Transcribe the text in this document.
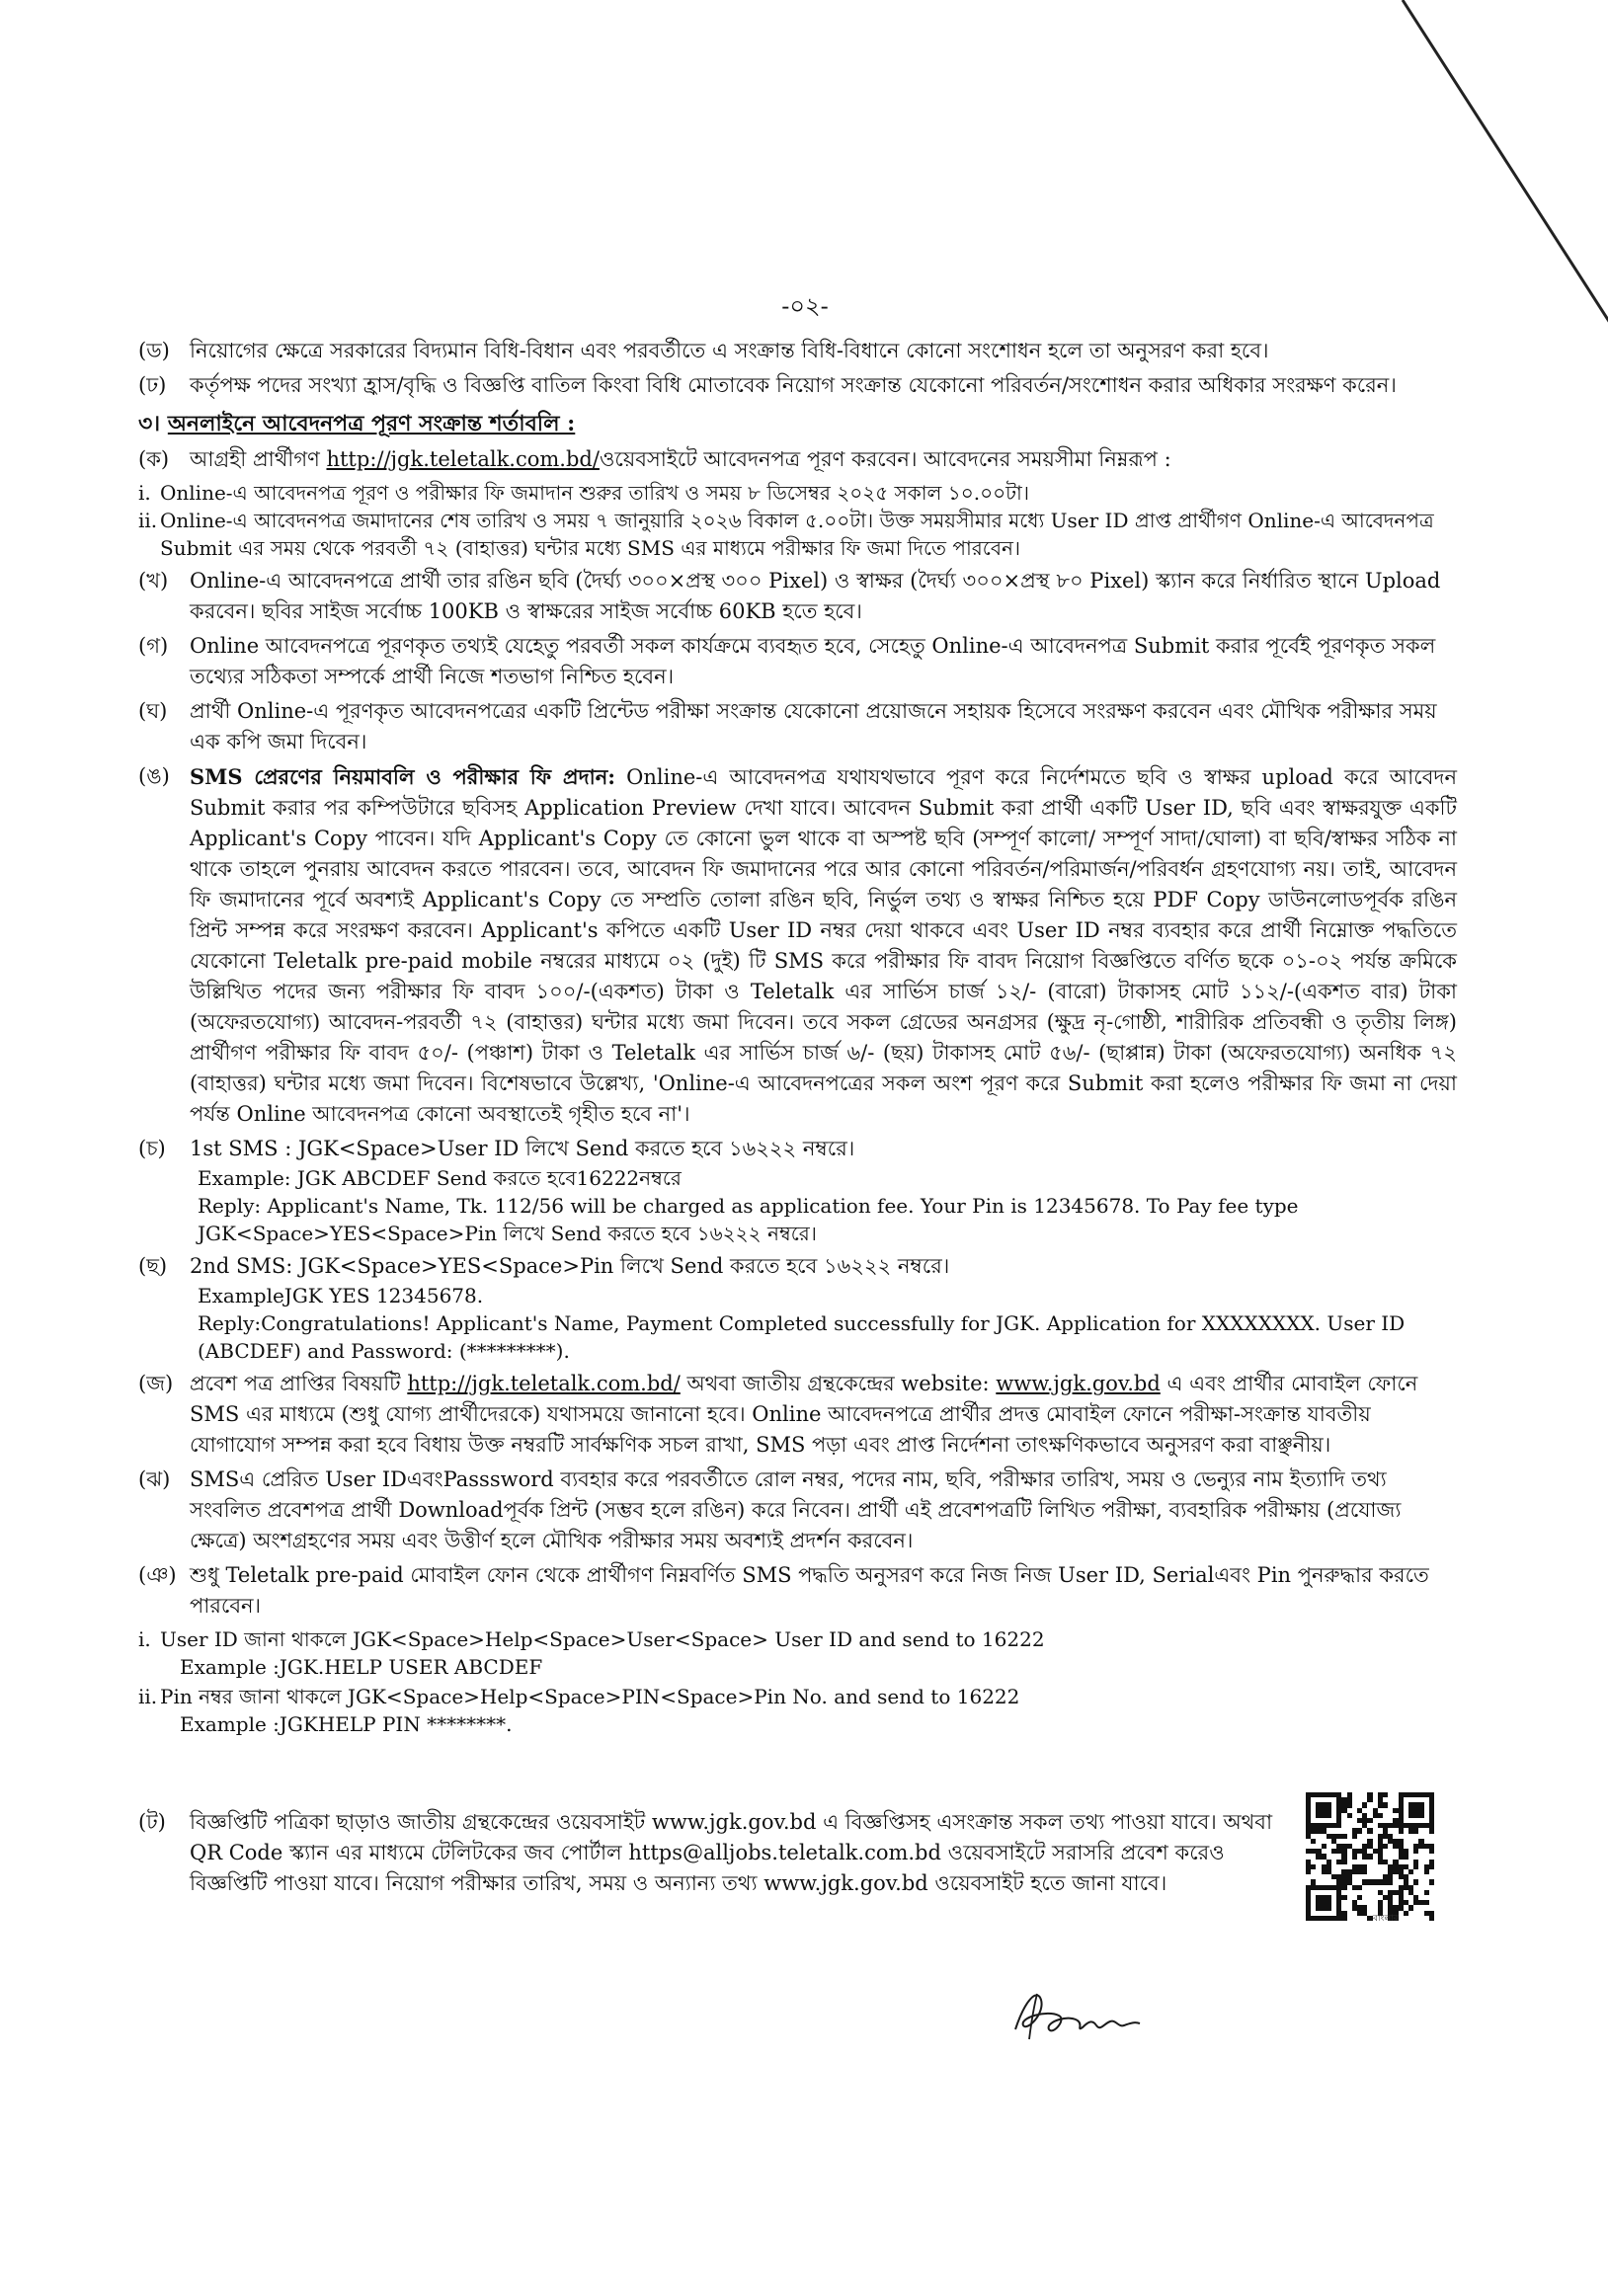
-০২-

(ড) নিয়োগের ক্ষেত্রে সরকারের বিদ্যমান বিধি-বিধান এবং পরবর্তীতে এ সংক্রান্ত বিধি-বিধানে কোনো সংশোধন হলে তা অনুসরণ করা হবে।

(ঢ) কর্তৃপক্ষ পদের সংখ্যা হ্রাস/বৃদ্ধি ও বিজ্ঞপ্তি বাতিল কিংবা বিধি মোতাবেক নিয়োগ সংক্রান্ত যেকোনো পরিবর্তন/সংশোধন করার অধিকার সংরক্ষণ করেন।

৩। অনলাইনে আবেদনপত্র পূরণ সংক্রান্ত শর্তাবলি :

(ক) আগ্রহী প্রার্থীগণ http://jgk.teletalk.com.bd/ওয়েবসাইটে আবেদনপত্র পূরণ করবেন। আবেদনের সময়সীমা নিম্নরূপ :

i. Online-এ আবেদনপত্র পূরণ ও পরীক্ষার ফি জমাদান শুরুর তারিখ ও সময় ৮ ডিসেম্বর ২০২৫ সকাল ১০.০০টা।

ii. Online-এ আবেদনপত্র জমাদানের শেষ তারিখ ও সময় ৭ জানুয়ারি ২০২৬ বিকাল ৫.০০টা। উক্ত সময়সীমার মধ্যে User ID প্রাপ্ত প্রার্থীগণ Online-এ আবেদনপত্র Submit এর সময় থেকে পরবর্তী ৭২ (বাহাত্তর) ঘন্টার মধ্যে SMS এর মাধ্যমে পরীক্ষার ফি জমা দিতে পারবেন।

(খ) Online-এ আবেদনপত্রে প্রার্থী তার রঙিন ছবি (দৈর্ঘ্য ৩০০×প্রস্থ ৩০০ Pixel) ও স্বাক্ষর (দৈর্ঘ্য ৩০০×প্রস্থ ৮০ Pixel) স্ক্যান করে নির্ধারিত স্থানে Upload করবেন। ছবির সাইজ সর্বোচ্চ 100KB ও স্বাক্ষরের সাইজ সর্বোচ্চ 60KB হতে হবে।

(গ) Online আবেদনপত্রে পূরণকৃত তথ্যই যেহেতু পরবর্তী সকল কার্যক্রমে ব্যবহৃত হবে, সেহেতু Online-এ আবেদনপত্র Submit করার পূর্বেই পূরণকৃত সকল তথ্যের সঠিকতা সম্পর্কে প্রার্থী নিজে শতভাগ নিশ্চিত হবেন।

(ঘ) প্রার্থী Online-এ পূরণকৃত আবেদনপত্রের একটি প্রিন্টেড পরীক্ষা সংক্রান্ত যেকোনো প্রয়োজনে সহায়ক হিসেবে সংরক্ষণ করবেন এবং মৌখিক পরীক্ষার সময় এক কপি জমা দিবেন।

(ঙ) SMS প্রেরণের নিয়মাবলি ও পরীক্ষার ফি প্রদান: Online-এ আবেদনপত্র যথাযথভাবে পূরণ করে নির্দেশমতে ছবি ও স্বাক্ষর upload করে আবেদন Submit করার পর কম্পিউটারে ছবিসহ Application Preview দেখা যাবে। আবেদন Submit করা প্রার্থী একটি User ID, ছবি এবং স্বাক্ষরযুক্ত একটি Applicant's Copy পাবেন। যদি Applicant's Copy তে কোনো ভুল থাকে বা অস্পষ্ট ছবি (সম্পূর্ণ কালো/ সম্পূর্ণ সাদা/ঘোলা) বা ছবি/স্বাক্ষর সঠিক না থাকে তাহলে পুনরায় আবেদন করতে পারবেন। তবে, আবেদন ফি জমাদানের পরে আর কোনো পরিবর্তন/পরিমার্জন/পরিবর্ধন গ্রহণযোগ্য নয়। তাই, আবেদন ফি জমাদানের পূর্বে অবশ্যই Applicant's Copy তে সম্প্রতি তোলা রঙিন ছবি, নির্ভুল তথ্য ও স্বাক্ষর নিশ্চিত হয়ে PDF Copy ডাউনলোডপূর্বক রঙিন প্রিন্ট সম্পন্ন করে সংরক্ষণ করবেন। Applicant's কপিতে একটি User ID নম্বর দেয়া থাকবে এবং User ID নম্বর ব্যবহার করে প্রার্থী নিম্নোক্ত পদ্ধতিতে যেকোনো Teletalk pre-paid mobile নম্বরের মাধ্যমে ০২ (দুই) টি SMS করে পরীক্ষার ফি বাবদ নিয়োগ বিজ্ঞপ্তিতে বর্ণিত ছকে ০১-০২ পর্যন্ত ক্রমিকে উল্লিখিত পদের জন্য পরীক্ষার ফি বাবদ ১০০/-(একশত) টাকা ও Teletalk এর সার্ভিস চার্জ ১২/- (বারো) টাকাসহ মোট ১১২/-(একশত বার) টাকা (অফেরতযোগ্য) আবেদন-পরবর্তী ৭২ (বাহাত্তর) ঘন্টার মধ্যে জমা দিবেন। তবে সকল গ্রেডের অনগ্রসর (ক্ষুদ্র নৃ-গোষ্ঠী, শারীরিক প্রতিবন্ধী ও তৃতীয় লিঙ্গ) প্রার্থীগণ পরীক্ষার ফি বাবদ ৫০/- (পঞ্চাশ) টাকা ও Teletalk এর সার্ভিস চার্জ ৬/- (ছয়) টাকাসহ মোট ৫৬/- (ছাপ্পান্ন) টাকা (অফেরতযোগ্য) অনধিক ৭২ (বাহাত্তর) ঘন্টার মধ্যে জমা দিবেন। বিশেষভাবে উল্লেখ্য, 'Online-এ আবেদনপত্রের সকল অংশ পূরণ করে Submit করা হলেও পরীক্ষার ফি জমা না দেয়া পর্যন্ত Online আবেদনপত্র কোনো অবস্থাতেই গৃহীত হবে না'।

(চ) 1st SMS : JGK<Space>User ID লিখে Send করতে হবে ১৬২২২ নম্বরে।

Example: JGK ABCDEF Send করতে হবে16222নম্বরে

Reply: Applicant's Name, Tk. 112/56 will be charged as application fee. Your Pin is 12345678. To Pay fee type JGK<Space>YES<Space>Pin লিখে Send করতে হবে ১৬২২২ নম্বরে।

(ছ) 2nd SMS: JGK<Space>YES<Space>Pin লিখে Send করতে হবে ১৬২২২ নম্বরে।

ExampleJGK YES 12345678.

Reply:Congratulations! Applicant's Name, Payment Completed successfully for JGK. Application for XXXXXXXX. User ID (ABCDEF) and Password: (*********).

(জ) প্রবেশ পত্র প্রাপ্তির বিষয়টি http://jgk.teletalk.com.bd/ অথবা জাতীয় গ্রন্থকেন্দ্রের website: www.jgk.gov.bd এ এবং প্রার্থীর মোবাইল ফোনে SMS এর মাধ্যমে (শুধু যোগ্য প্রার্থীদেরকে) যথাসময়ে জানানো হবে। Online আবেদনপত্রে প্রার্থীর প্রদত্ত মোবাইল ফোনে পরীক্ষা-সংক্রান্ত যাবতীয় যোগাযোগ সম্পন্ন করা হবে বিধায় উক্ত নম্বরটি সার্বক্ষণিক সচল রাখা, SMS পড়া এবং প্রাপ্ত নির্দেশনা তাৎক্ষণিকভাবে অনুসরণ করা বাঞ্ছনীয়।

(ঝ) SMSএ প্রেরিত User IDএবংPasssword ব্যবহার করে পরবর্তীতে রোল নম্বর, পদের নাম, ছবি, পরীক্ষার তারিখ, সময় ও ভেন্যুর নাম ইত্যাদি তথ্য সংবলিত প্রবেশপত্র প্রার্থী Downloadপূর্বক প্রিন্ট (সম্ভব হলে রঙিন) করে নিবেন। প্রার্থী এই প্রবেশপত্রটি লিখিত পরীক্ষা, ব্যবহারিক পরীক্ষায় (প্রযোজ্য ক্ষেত্রে) অংশগ্রহণের সময় এবং উত্তীর্ণ হলে মৌখিক পরীক্ষার সময় অবশ্যই প্রদর্শন করবেন।

(ঞ) শুধু Teletalk pre-paid মোবাইল ফোন থেকে প্রার্থীগণ নিম্নবর্ণিত SMS পদ্ধতি অনুসরণ করে নিজ নিজ User ID, Serialএবং Pin পুনরুদ্ধার করতে পারবেন।

i. User ID জানা থাকলে JGK<Space>Help<Space>User<Space> User ID and send to 16222

Example :JGK.HELP USER ABCDEF

ii. Pin নম্বর জানা থাকলে JGK<Space>Help<Space>PIN<Space>Pin No. and send to 16222

Example :JGKHELP PIN ********.

(ট) বিজ্ঞপ্তিটি পত্রিকা ছাড়াও জাতীয় গ্রন্থকেন্দ্রের ওয়েবসাইট www.jgk.gov.bd এ বিজ্ঞপ্তিসহ এসংক্রান্ত সকল তথ্য পাওয়া যাবে। অথবা QR Code স্ক্যান এর মাধ্যমে টেলিটকের জব পোর্টাল https@alljobs.teletalk.com.bd ওয়েবসাইটে সরাসরি প্রবেশ করেও বিজ্ঞপ্তিটি পাওয়া যাবে। নিয়োগ পরীক্ষার তারিখ, সময় ও অন্যান্য তথ্য www.jgk.gov.bd ওয়েবসাইট হতে জানা যাবে।

বাংলার
